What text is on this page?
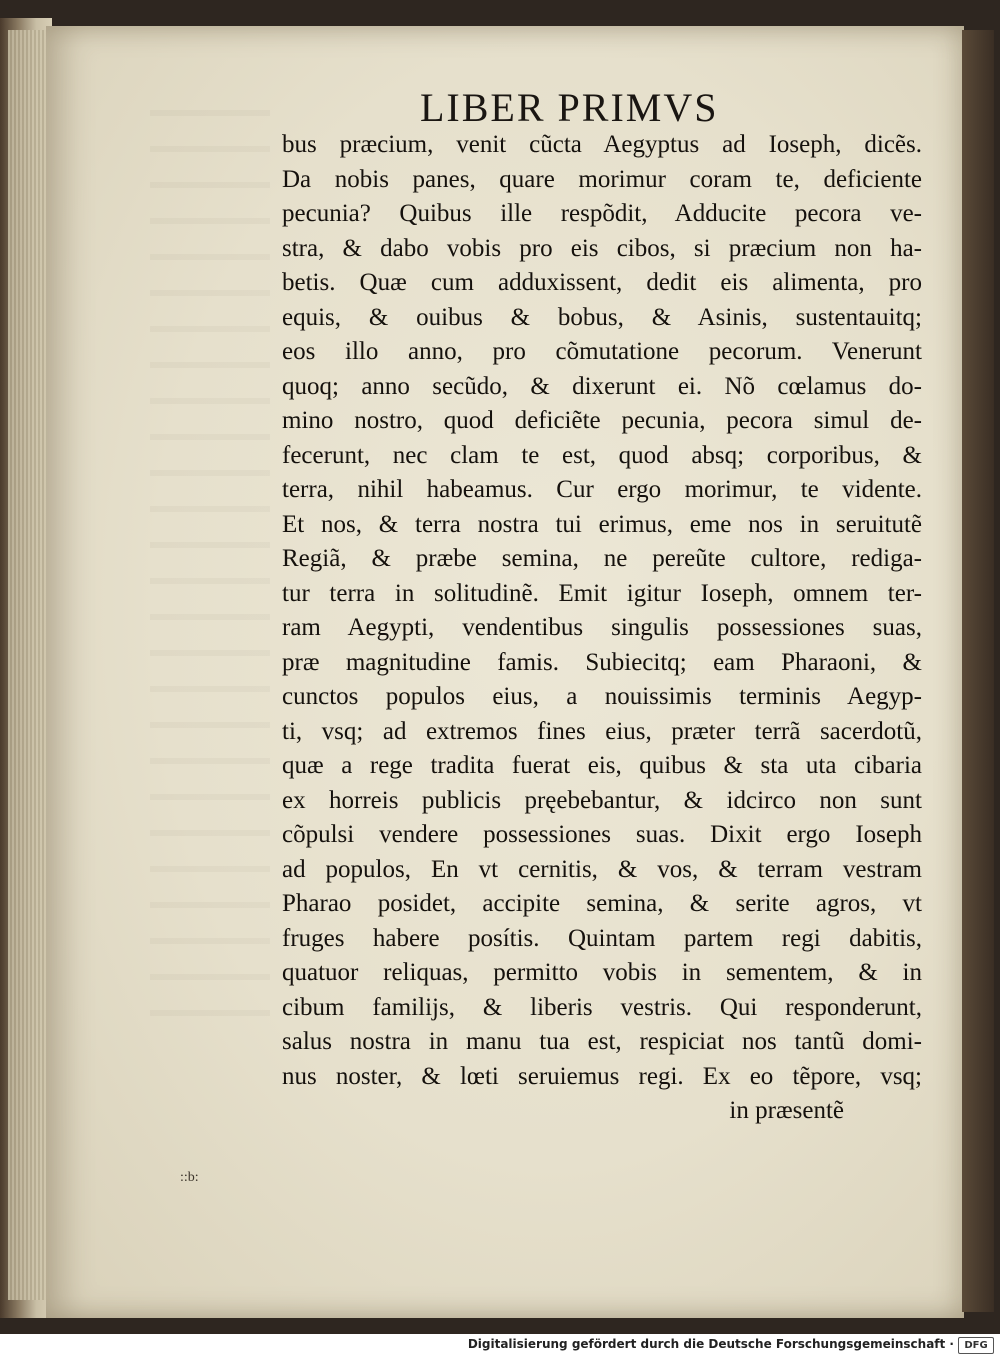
LIBER PRIMVS
bus præcium, venit cũcta Aegyptus ad Ioseph, dicẽs.
Da nobis panes, quare morimur coram te, deficiente
pecunia? Quibus ille respõdit, Adducite pecora ve-
stra, & dabo vobis pro eis cibos, si præcium non ha-
betis. Quæ cum adduxissent, dedit eis alimenta, pro
equis, & ouibus & bobus, & Asinis, sustentauitq;
eos illo anno, pro cõmutatione pecorum. Venerunt
quoq; anno secũdo, & dixerunt ei. Nõ cœlamus do-
mino nostro, quod deficiẽte pecunia, pecora simul de-
fecerunt, nec clam te est, quod absq; corporibus, &
terra, nihil habeamus. Cur ergo morimur, te vidente.
Et nos, & terra nostra tui erimus, eme nos in seruitutẽ
Regiã, & præbe semina, ne pereũte cultore, rediga-
tur terra in solitudinẽ. Emit igitur Ioseph, omnem ter-
ram Aegypti, vendentibus singulis possessiones suas,
præ magnitudine famis. Subiecitq; eam Pharaoni, &
cunctos populos eius, a nouissimis terminis Aegyp-
ti, vsq; ad extremos fines eius, præter terrã sacerdotũ,
quæ a rege tradita fuerat eis, quibus & sta uta cibaria
ex horreis publicis pręebebantur, & idcirco non sunt
cõpulsi vendere possessiones suas. Dixit ergo Ioseph
ad populos, En vt cernitis, & vos, & terram vestram
Pharao posidet, accipite semina, & serite agros, vt
fruges habere posítis. Quintam partem regi dabitis,
quatuor reliquas, permitto vobis in sementem, & in
cibum familijs, & liberis vestris. Qui responderunt,
salus nostra in manu tua est, respiciat nos tantũ domi-
nus noster, & lœti seruiemus regi. Ex eo tẽpore, vsq;
in præsentẽ
::b:
Digitalisierung gefördert durch die Deutsche Forschungsgemeinschaft ·	DFG
